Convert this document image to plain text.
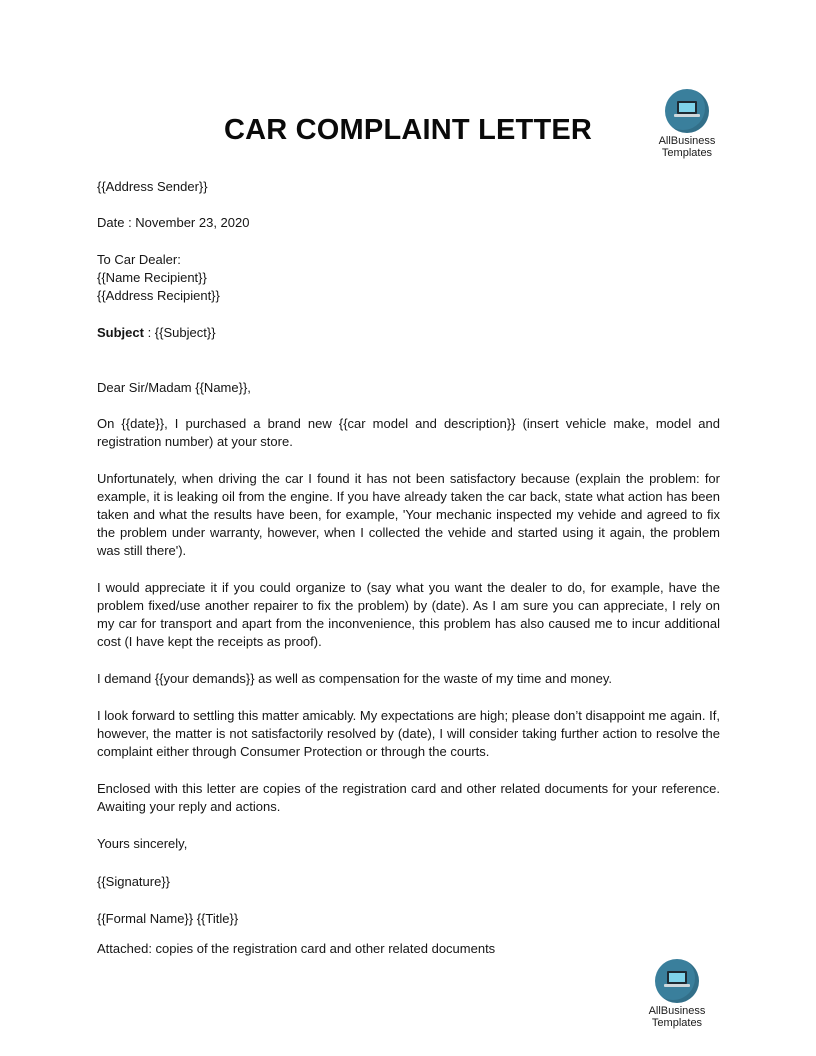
CAR COMPLAINT LETTER	AllBusiness
Templates
{{Address Sender}}
Date : November 23, 2020
To Car Dealer:
{{Name Recipient}}
{{Address Recipient}}
Subject : {{Subject}}
Dear Sir/Madam {{Name}},
On {{date}}, I purchased a brand new {{car model and description}} (insert vehicle make, model and registration number) at your store.
Unfortunately, when driving the car I found it has not been satisfactory because (explain the problem: for example, it is leaking oil from the engine. If you have already taken the car back, state what action has been taken and what the results have been, for example, 'Your mechanic inspected my vehide and agreed to fix the problem under warranty, however, when I collected the vehide and started using it again, the problem was still there').
I would appreciate it if you could organize to (say what you want the dealer to do, for example, have the problem fixed/use another repairer to fix the problem) by (date). As I am sure you can appreciate, I rely on my car for transport and apart from the inconvenience, this problem has also caused me to incur additional cost (I have kept the receipts as proof).
I demand {{your demands}} as well as compensation for the waste of my time and money.
I look forward to settling this matter amicably. My expectations are high; please don’t disappoint me again. If, however, the matter is not satisfactorily resolved by (date), I will consider taking further action to resolve the complaint either through Consumer Protection or through the courts.
Enclosed with this letter are copies of the registration card and other related documents for your reference. Awaiting your reply and actions.
Yours sincerely,
{{Signature}}
{{Formal Name}} {{Title}}
Attached: copies of the registration card and other related documents
AllBusiness
Templates
